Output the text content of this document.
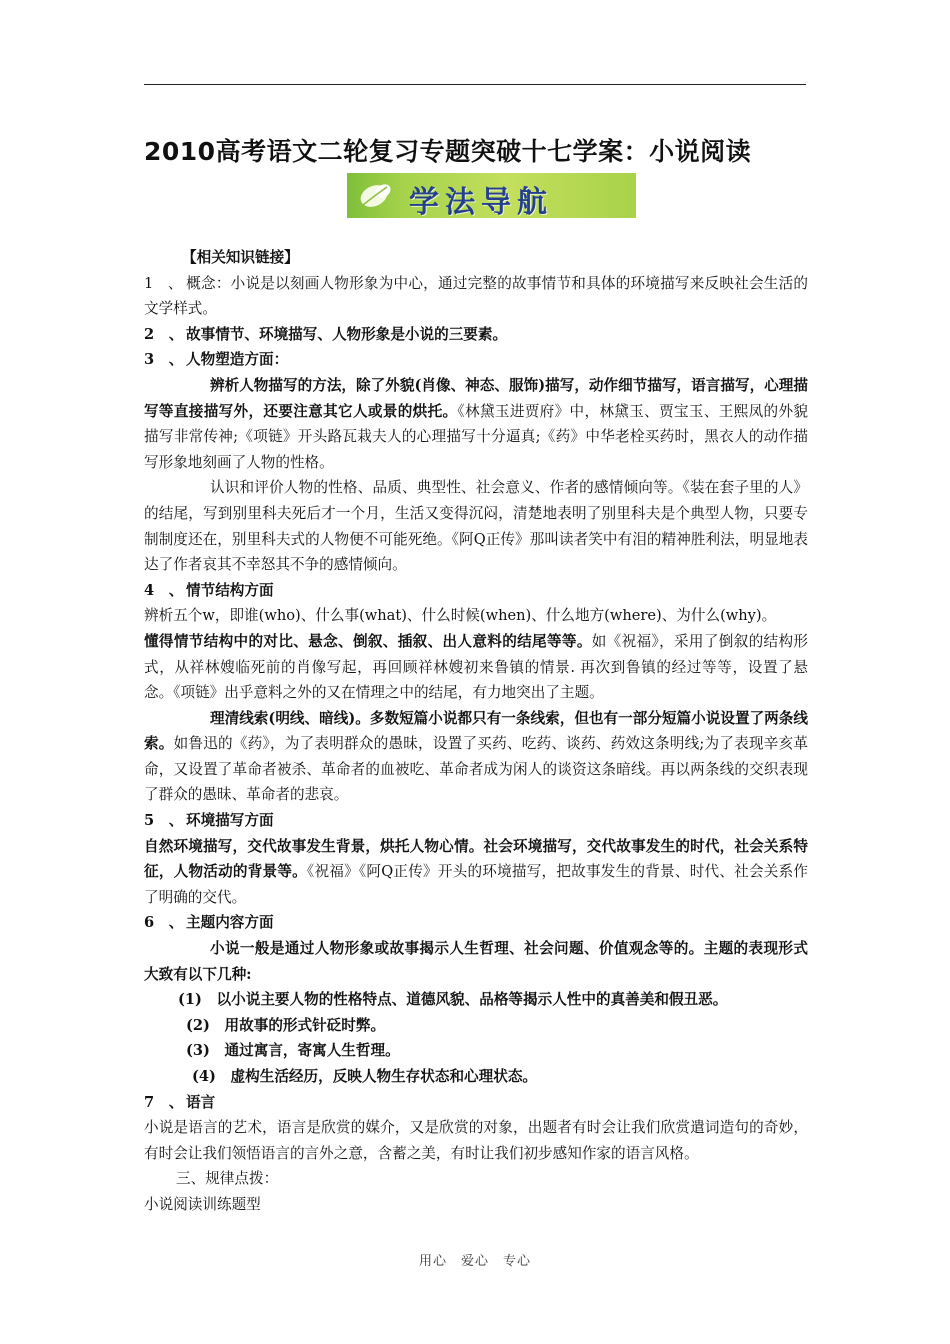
2010高考语文二轮复习专题突破十七学案：小说阅读
学法导航

【相关知识链接】

1　、 概念：小说是以刻画人物形象为中心，通过完整的故事情节和具体的环境描写来反映社会生活的文学样式。

2　、 故事情节、环境描写、人物形象是小说的三要素。

3　、 人物塑造方面：

辨析人物描写的方法，除了外貌(肖像、神态、服饰)描写，动作细节描写，语言描写，心理描写等直接描写外，还要注意其它人或景的烘托。《林黛玉进贾府》中，林黛玉、贾宝玉、王熙凤的外貌描写非常传神;《项链》开头路瓦栽夫人的心理描写十分逼真;《药》中华老栓买药时，黑衣人的动作描写形象地刻画了人物的性格。

认识和评价人物的性格、品质、典型性、社会意义、作者的感情倾向等。《装在套子里的人》的结尾，写到别里科夫死后才一个月，生活又变得沉闷，清楚地表明了别里科夫是个典型人物，只要专制制度还在，别里科夫式的人物便不可能死绝。《阿Q正传》那叫读者笑中有泪的精神胜利法，明显地表达了作者哀其不幸怒其不争的感情倾向。

4　、 情节结构方面

辨析五个w，即谁(who)、什么事(what)、什么时候(when)、什么地方(where)、为什么(why)。

懂得情节结构中的对比、悬念、倒叙、插叙、出人意料的结尾等等。如《祝福》，采用了倒叙的结构形式，从祥林嫂临死前的肖像写起，再回顾祥林嫂初来鲁镇的情景. 再次到鲁镇的经过等等，设置了悬念。《项链》出乎意料之外的又在情理之中的结尾，有力地突出了主题。

理清线索(明线、暗线)。多数短篇小说都只有一条线索，但也有一部分短篇小说设置了两条线索。如鲁迅的《药》，为了表明群众的愚昧，设置了买药、吃药、谈药、药效这条明线;为了表现辛亥革命，又设置了革命者被杀、革命者的血被吃、革命者成为闲人的谈资这条暗线。再以两条线的交织表现了群众的愚昧、革命者的悲哀。

5　、 环境描写方面

自然环境描写，交代故事发生背景，烘托人物心情。社会环境描写，交代故事发生的时代，社会关系特征，人物活动的背景等。《祝福》《阿Q正传》开头的环境描写，把故事发生的背景、时代、社会关系作了明确的交代。

6　、 主题内容方面

小说一般是通过人物形象或故事揭示人生哲理、社会问题、价值观念等的。主题的表现形式大致有以下几种:

(1)　以小说主要人物的性格特点、道德风貌、品格等揭示人性中的真善美和假丑恶。

(2)　用故事的形式针砭时弊。

(3)　通过寓言，寄寓人生哲理。

(4)　虚构生活经历，反映人物生存状态和心理状态。

7　、 语言

小说是语言的艺术，语言是欣赏的媒介，又是欣赏的对象，出题者有时会让我们欣赏遣词造句的奇妙，有时会让我们领悟语言的言外之意，含蓄之美，有时让我们初步感知作家的语言风格。

三、规律点拨：

小说阅读训练题型

用心　爱心　专心
